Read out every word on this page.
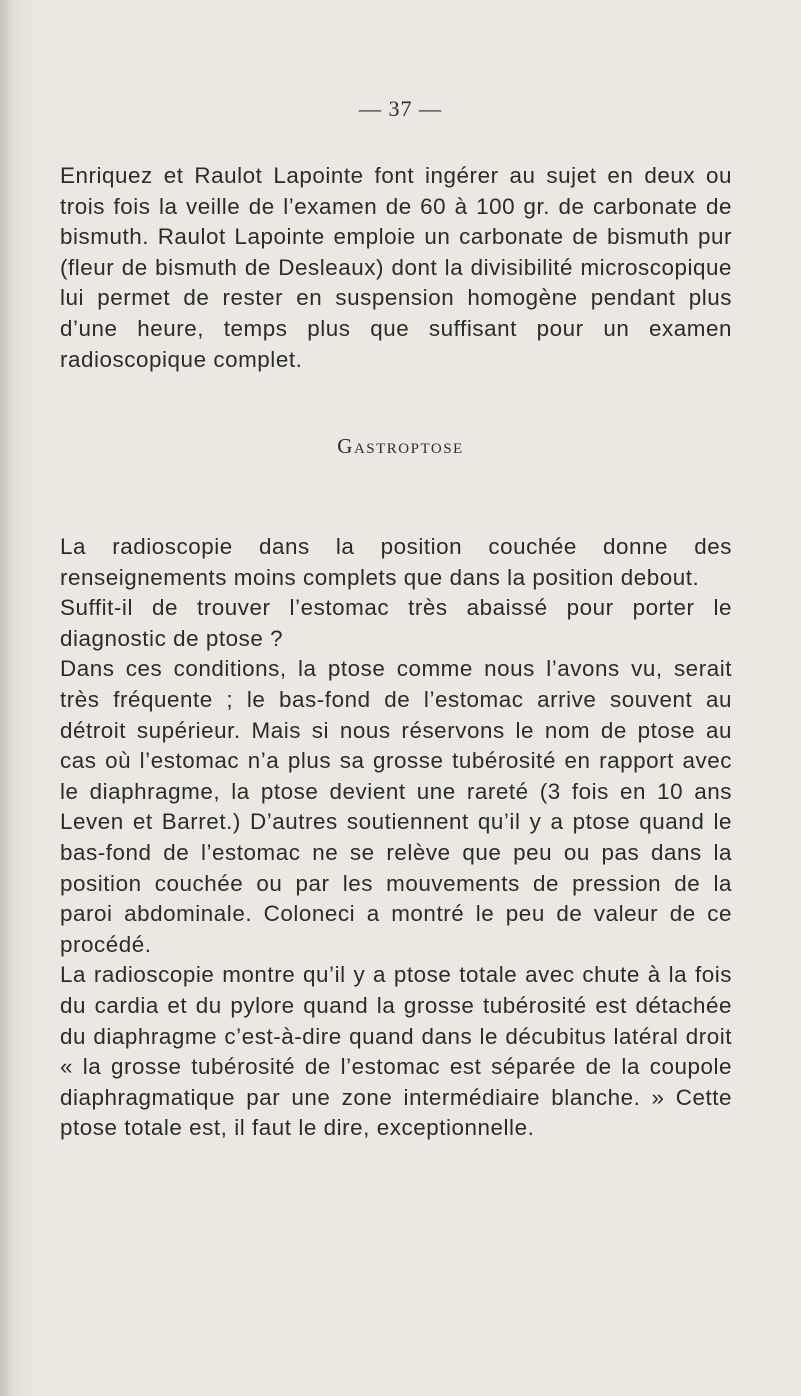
— 37 —

Enriquez et Raulot Lapointe font ingérer au sujet en deux ou trois fois la veille de l’examen de 60 à 100 gr. de carbonate de bismuth. Raulot Lapointe emploie un carbonate de bismuth pur (fleur de bismuth de Desleaux) dont la divisibilité microscopique lui permet de rester en suspension homogène pendant plus d’une heure, temps plus que suffisant pour un examen radioscopique complet.

Gastroptose

La radioscopie dans la position couchée donne des renseignements moins complets que dans la position debout.

Suffit-il de trouver l’estomac très abaissé pour porter le diagnostic de ptose ?

Dans ces conditions, la ptose comme nous l’avons vu, serait très fréquente ; le bas-fond de l’estomac arrive souvent au détroit supérieur. Mais si nous réservons le nom de ptose au cas où l’estomac n’a plus sa grosse tubérosité en rapport avec le diaphragme, la ptose devient une rareté (3 fois en 10 ans Leven et Barret.) D’autres soutiennent qu’il y a ptose quand le bas-fond de l’estomac ne se relève que peu ou pas dans la position couchée ou par les mouvements de pression de la paroi abdominale. Coloneci a montré le peu de valeur de ce procédé.

La radioscopie montre qu’il y a ptose totale avec chute à la fois du cardia et du pylore quand la grosse tubérosité est détachée du diaphragme c’est-à-dire quand dans le décubitus latéral droit « la grosse tubérosité de l’estomac est séparée de la coupole diaphragmatique par une zone intermédiaire blanche. » Cette ptose totale est, il faut le dire, exceptionnelle.
